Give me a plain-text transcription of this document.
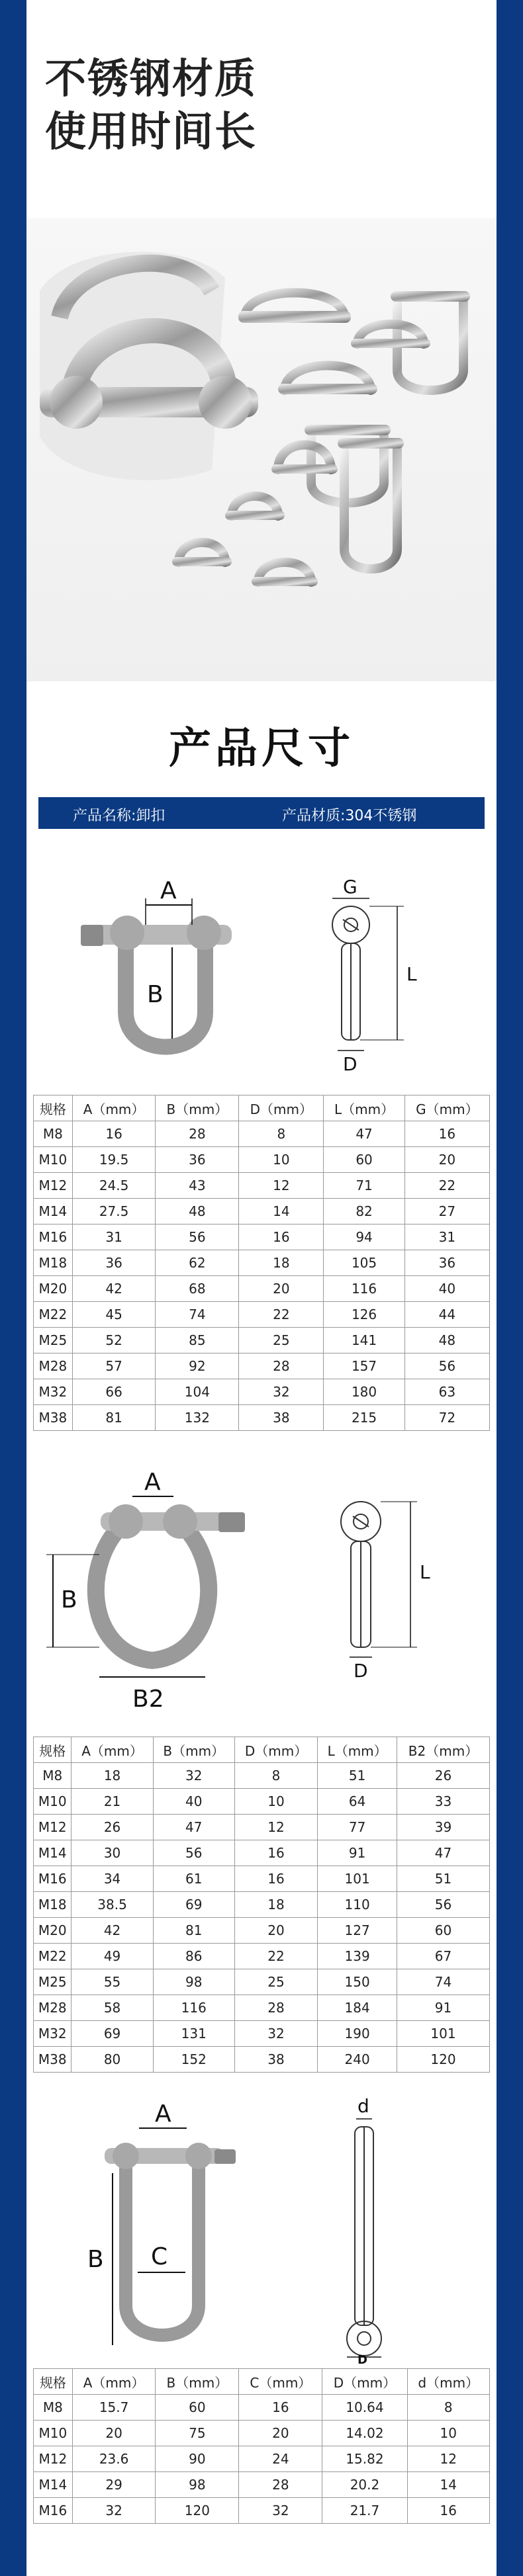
不锈钢材质
使用时间长
产品尺寸
产品名称:卸扣	产品材质:304不锈钢
A
B
G
L
D
规格	A（mm）	B（mm）	D（mm）	L（mm）	G（mm）
M8	16	28	8	47	16
M10	19.5	36	10	60	20
M12	24.5	43	12	71	22
M14	27.5	48	14	82	27
M16	31	56	16	94	31
M18	36	62	18	105	36
M20	42	68	20	116	40
M22	45	74	22	126	44
M25	52	85	25	141	48
M28	57	92	28	157	56
M32	66	104	32	180	63
M38	81	132	38	215	72
A
B
B2
L
D
规格	A（mm）	B（mm）	D（mm）	L（mm）	B2（mm）
M8	18	32	8	51	26
M10	21	40	10	64	33
M12	26	47	12	77	39
M14	30	56	16	91	47
M16	34	61	16	101	51
M18	38.5	69	18	110	56
M20	42	81	20	127	60
M22	49	86	22	139	67
M25	55	98	25	150	74
M28	58	116	28	184	91
M32	69	131	32	190	101
M38	80	152	38	240	120
A
B C
d
D
规格	A（mm）	B（mm）	C（mm）	D（mm）	d（mm）
M8	15.7	60	16	10.64	8
M10	20	75	20	14.02	10
M12	23.6	90	24	15.82	12
M14	29	98	28	20.2	14
M16	32	120	32	21.7	16
